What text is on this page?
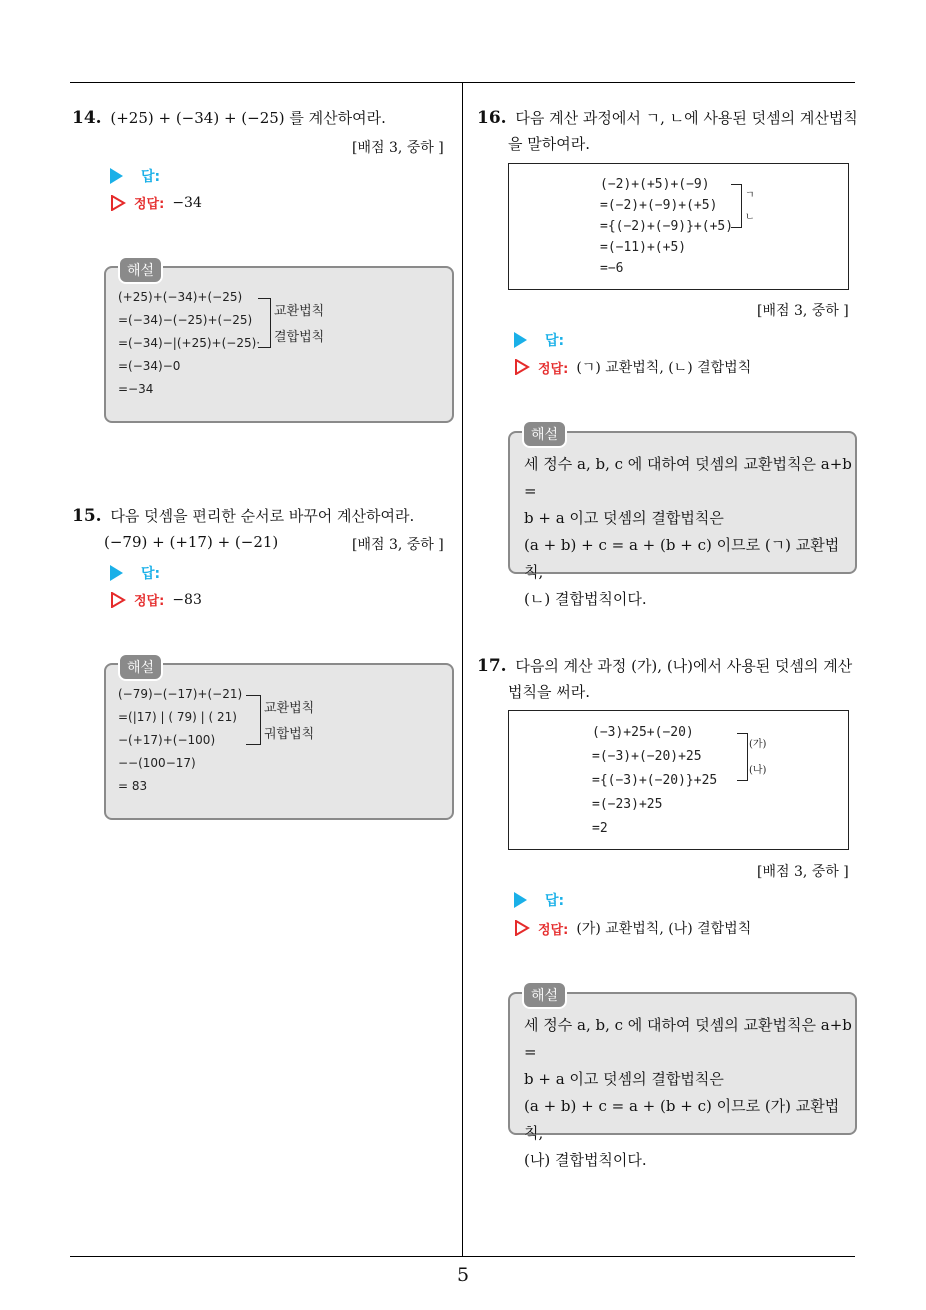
14. (+25) + (−34) + (−25) 를 계산하여라.
[배점 3, 중하 ]
답:
정답: −34
(+25)+(−34)+(−25)
=(−34)−(−25)+(−25)
=(−34)−|(+25)+(−25)·
=(−34)−0
=−34
교환법칙
결합법칙
해설
15. 다음 덧셈을 편리한 순서로 바꾸어 계산하여라.
(−79) + (+17) + (−21)	[배점 3, 중하 ]
답:
정답: −83
(−79)−(−17)+(−21)
=(|17) | ( 79) | ( 21)
−(+17)+(−100)
−−(100−17)
= 83
교환법칙
궈합법칙
해설
16. 다음 계산 과정에서 ㄱ, ㄴ에 사용된 덧셈의 계산법칙
을 말하여라.
(−2)+(+5)+(−9)
=(−2)+(−9)+(+5)
={(−2)+(−9)}+(+5)
=(−11)+(+5)
=−6
ㄱ
ㄴ
[배점 3, 중하 ]
답:
정답: (ㄱ) 교환법칙, (ㄴ) 결합법칙
세 정수 a, b, c 에 대하여 덧셈의 교환법칙은 a+b =
b + a 이고 덧셈의 결합법칙은
(a + b) + c = a + (b + c) 이므로 (ㄱ) 교환법칙,
(ㄴ) 결합법칙이다.
해설
17. 다음의 계산 과정 (가), (나)에서 사용된 덧셈의 계산
법칙을 써라.
(−3)+25+(−20)
=(−3)+(−20)+25
={(−3)+(−20)}+25
=(−23)+25
=2
(가)
(나)
[배점 3, 중하 ]
답:
정답: (가) 교환법칙, (나) 결합법칙
세 정수 a, b, c 에 대하여 덧셈의 교환법칙은 a+b =
b + a 이고 덧셈의 결합법칙은
(a + b) + c = a + (b + c) 이므로 (가) 교환법칙,
(나) 결합법칙이다.
해설
5
